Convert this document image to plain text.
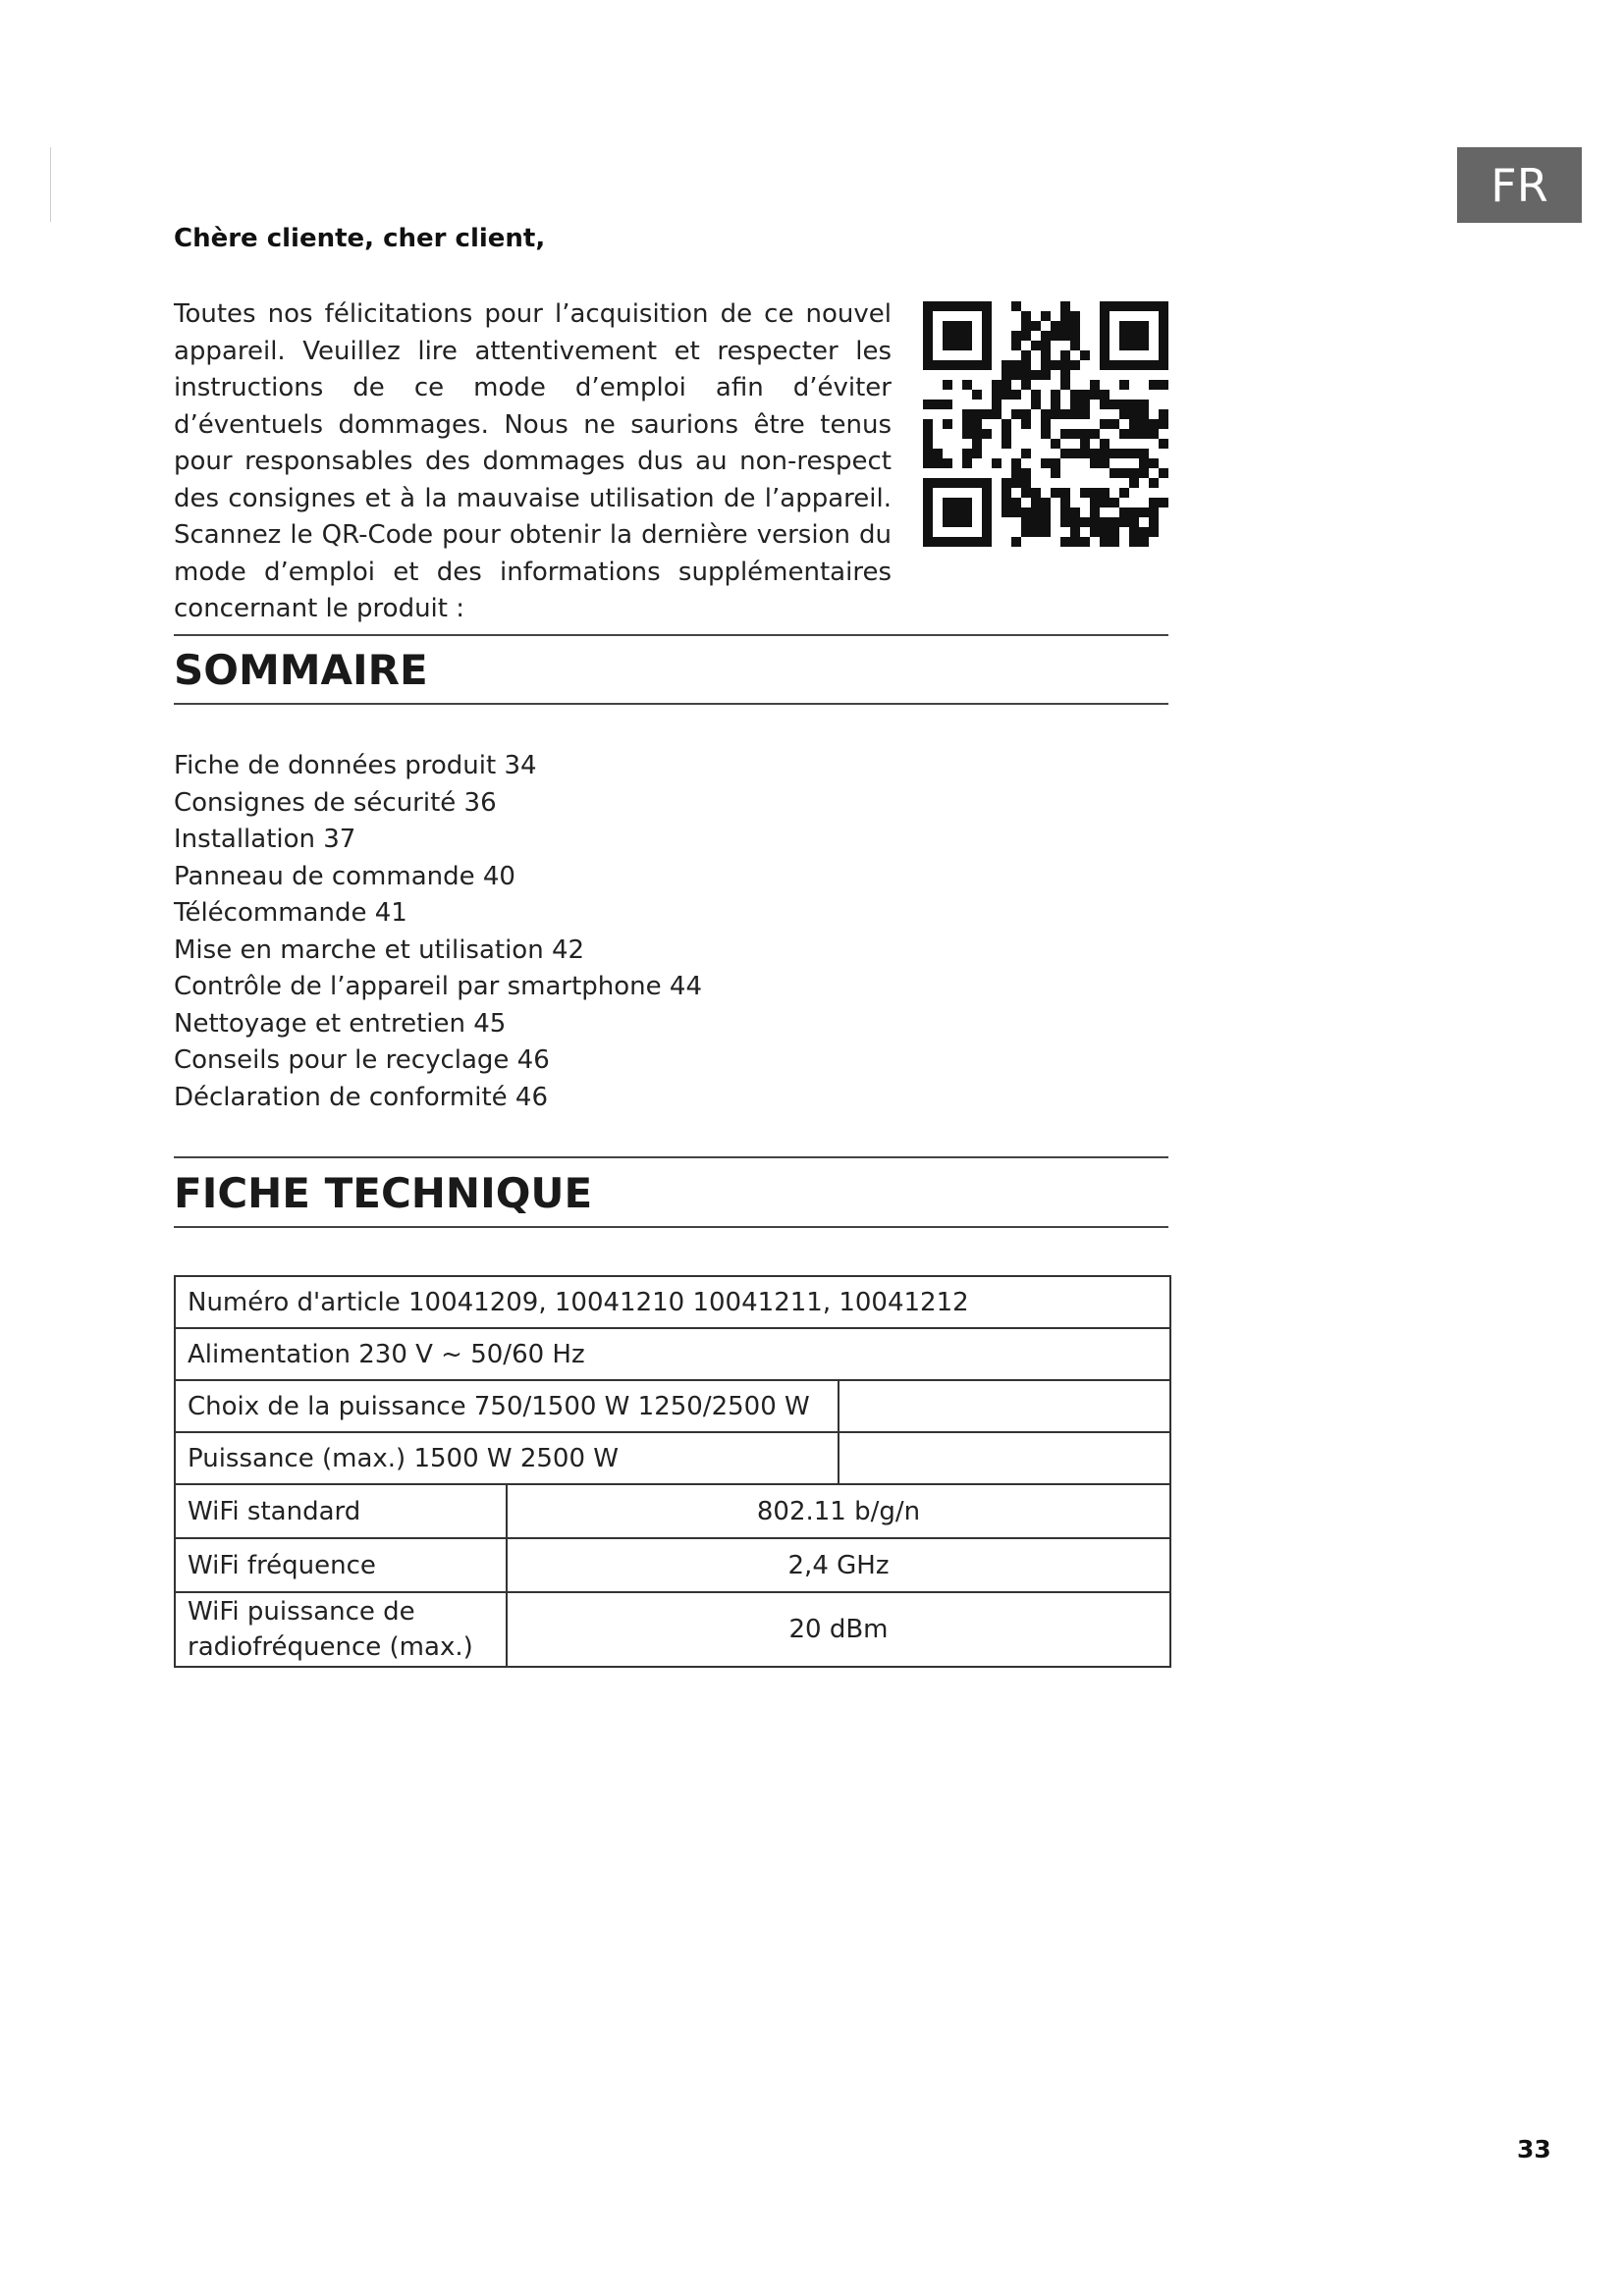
FR
Chère cliente, cher client,

Toutes nos félicitations pour l’acquisition de ce nouvel appareil. Veuillez lire attentivement et respecter les instructions de ce mode d’emploi afin d’éviter d’éventuels dommages. Nous ne saurions être tenus pour responsables des dommages dus au non-respect des consignes et à la mauvaise utilisation de l’appareil. Scannez le QR-Code pour obtenir la dernière version du mode d’emploi et des informations supplémentaires concernant le produit :

SOMMAIRE
Fiche de données produit 34
Consignes de sécurité 36
Installation 37
Panneau de commande 40
Télécommande 41
Mise en marche et utilisation 42
Contrôle de l’appareil par smartphone 44
Nettoyage et entretien 45
Conseils pour le recyclage 46
Déclaration de conformité 46
FICHE TECHNIQUE
Numéro d'article 10041209, 10041210 10041211, 10041212		
Alimentation 230 V ~ 50/60 Hz		
Choix de la puissance 750/1500 W 1250/2500 W		
Puissance (max.) 1500 W 2500 W		
WiFi standard	802.11 b/g/n	
WiFi fréquence	2,4 GHz	
WiFi puissance de radiofréquence (max.)	20 dBm	
33
